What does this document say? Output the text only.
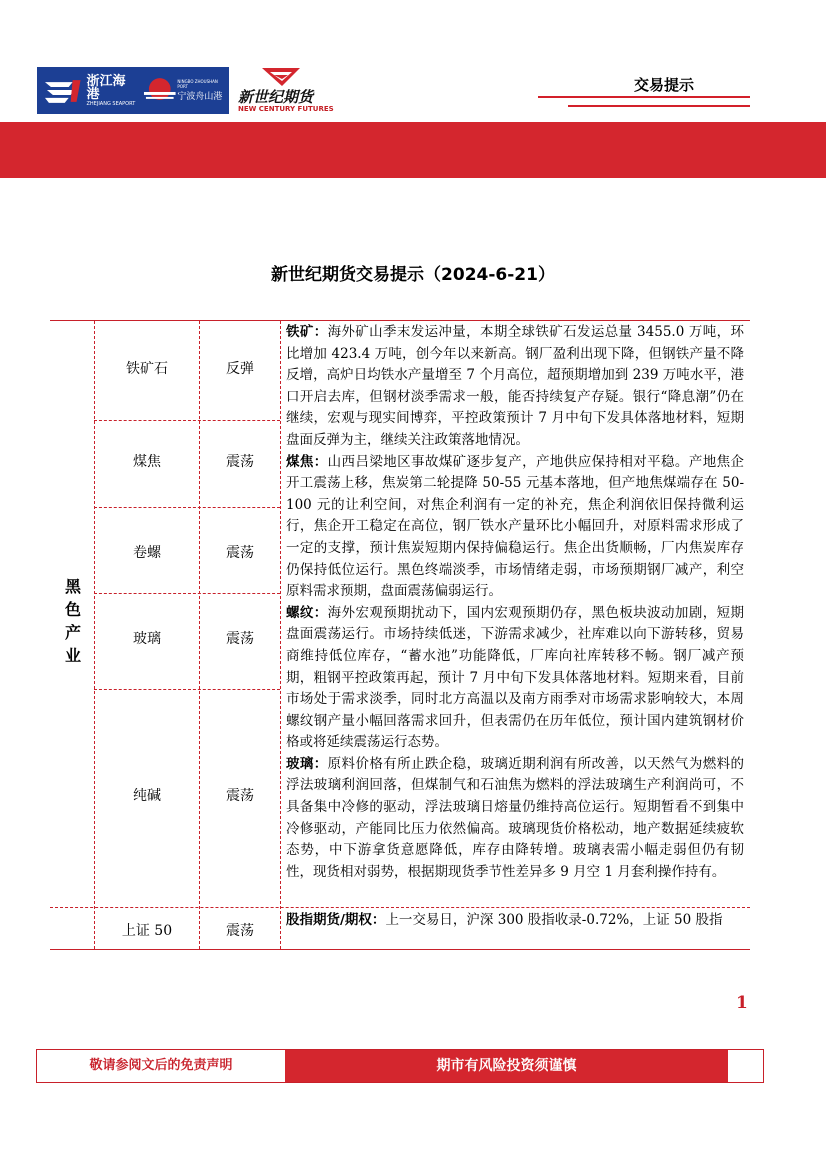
浙江海港
ZHEJIANG SEAPORT
NINGBO ZHOUSHAN PORT
宁波舟山港	新世纪期货
NEW CENTURY FUTURES
交易提示
新世纪期货交易提示（2024-6-21）
黑
色
产
业
铁矿石	反弹
煤焦	震荡
卷螺	震荡
玻璃	震荡
纯碱	震荡

铁矿：海外矿山季末发运冲量，本期全球铁矿石发运总量 3455.0 万吨，环比增加 423.4 万吨，创今年以来新高。钢厂盈利出现下降，但钢铁产量不降反增，高炉日均铁水产量增至 7 个月高位，超预期增加到 239 万吨水平，港口开启去库，但钢材淡季需求一般，能否持续复产存疑。银行“降息潮”仍在继续，宏观与现实间博弈，平控政策预计 7 月中旬下发具体落地材料，短期盘面反弹为主，继续关注政策落地情况。

煤焦：山西吕梁地区事故煤矿逐步复产，产地供应保持相对平稳。产地焦企开工震荡上移，焦炭第二轮提降 50-55 元基本落地，但产地焦煤端存在 50-100 元的让利空间，对焦企利润有一定的补充，焦企利润依旧保持微利运行，焦企开工稳定在高位，钢厂铁水产量环比小幅回升，对原料需求形成了一定的支撑，预计焦炭短期内保持偏稳运行。焦企出货顺畅，厂内焦炭库存仍保持低位运行。黑色终端淡季，市场情绪走弱，市场预期钢厂减产，利空原料需求预期，盘面震荡偏弱运行。

螺纹：海外宏观预期扰动下，国内宏观预期仍存，黑色板块波动加剧，短期盘面震荡运行。市场持续低迷，下游需求减少，社库难以向下游转移，贸易商维持低位库存，“蓄水池”功能降低，厂库向社库转移不畅。钢厂减产预期，粗钢平控政策再起，预计 7 月中旬下发具体落地材料。短期来看，目前市场处于需求淡季，同时北方高温以及南方雨季对市场需求影响较大，本周螺纹钢产量小幅回落需求回升，但表需仍在历年低位，预计国内建筑钢材价格或将延续震荡运行态势。

玻璃：原料价格有所止跌企稳，玻璃近期利润有所改善，以天然气为燃料的浮法玻璃利润回落，但煤制气和石油焦为燃料的浮法玻璃生产利润尚可，不具备集中冷修的驱动，浮法玻璃日熔量仍维持高位运行。短期暂看不到集中冷修驱动，产能同比压力依然偏高。玻璃现货价格松动，地产数据延续疲软态势，中下游拿货意愿降低，库存由降转增。玻璃表需小幅走弱但仍有韧性，现货相对弱势，根据期现货季节性差异多 9 月空 1 月套利操作持有。

上证 50	震荡
股指期货/期权：上一交易日，沪深 300 股指收录-0.72%，上证 50 股指
1
敬请参阅文后的免责声明	期市有风险投资须谨慎
